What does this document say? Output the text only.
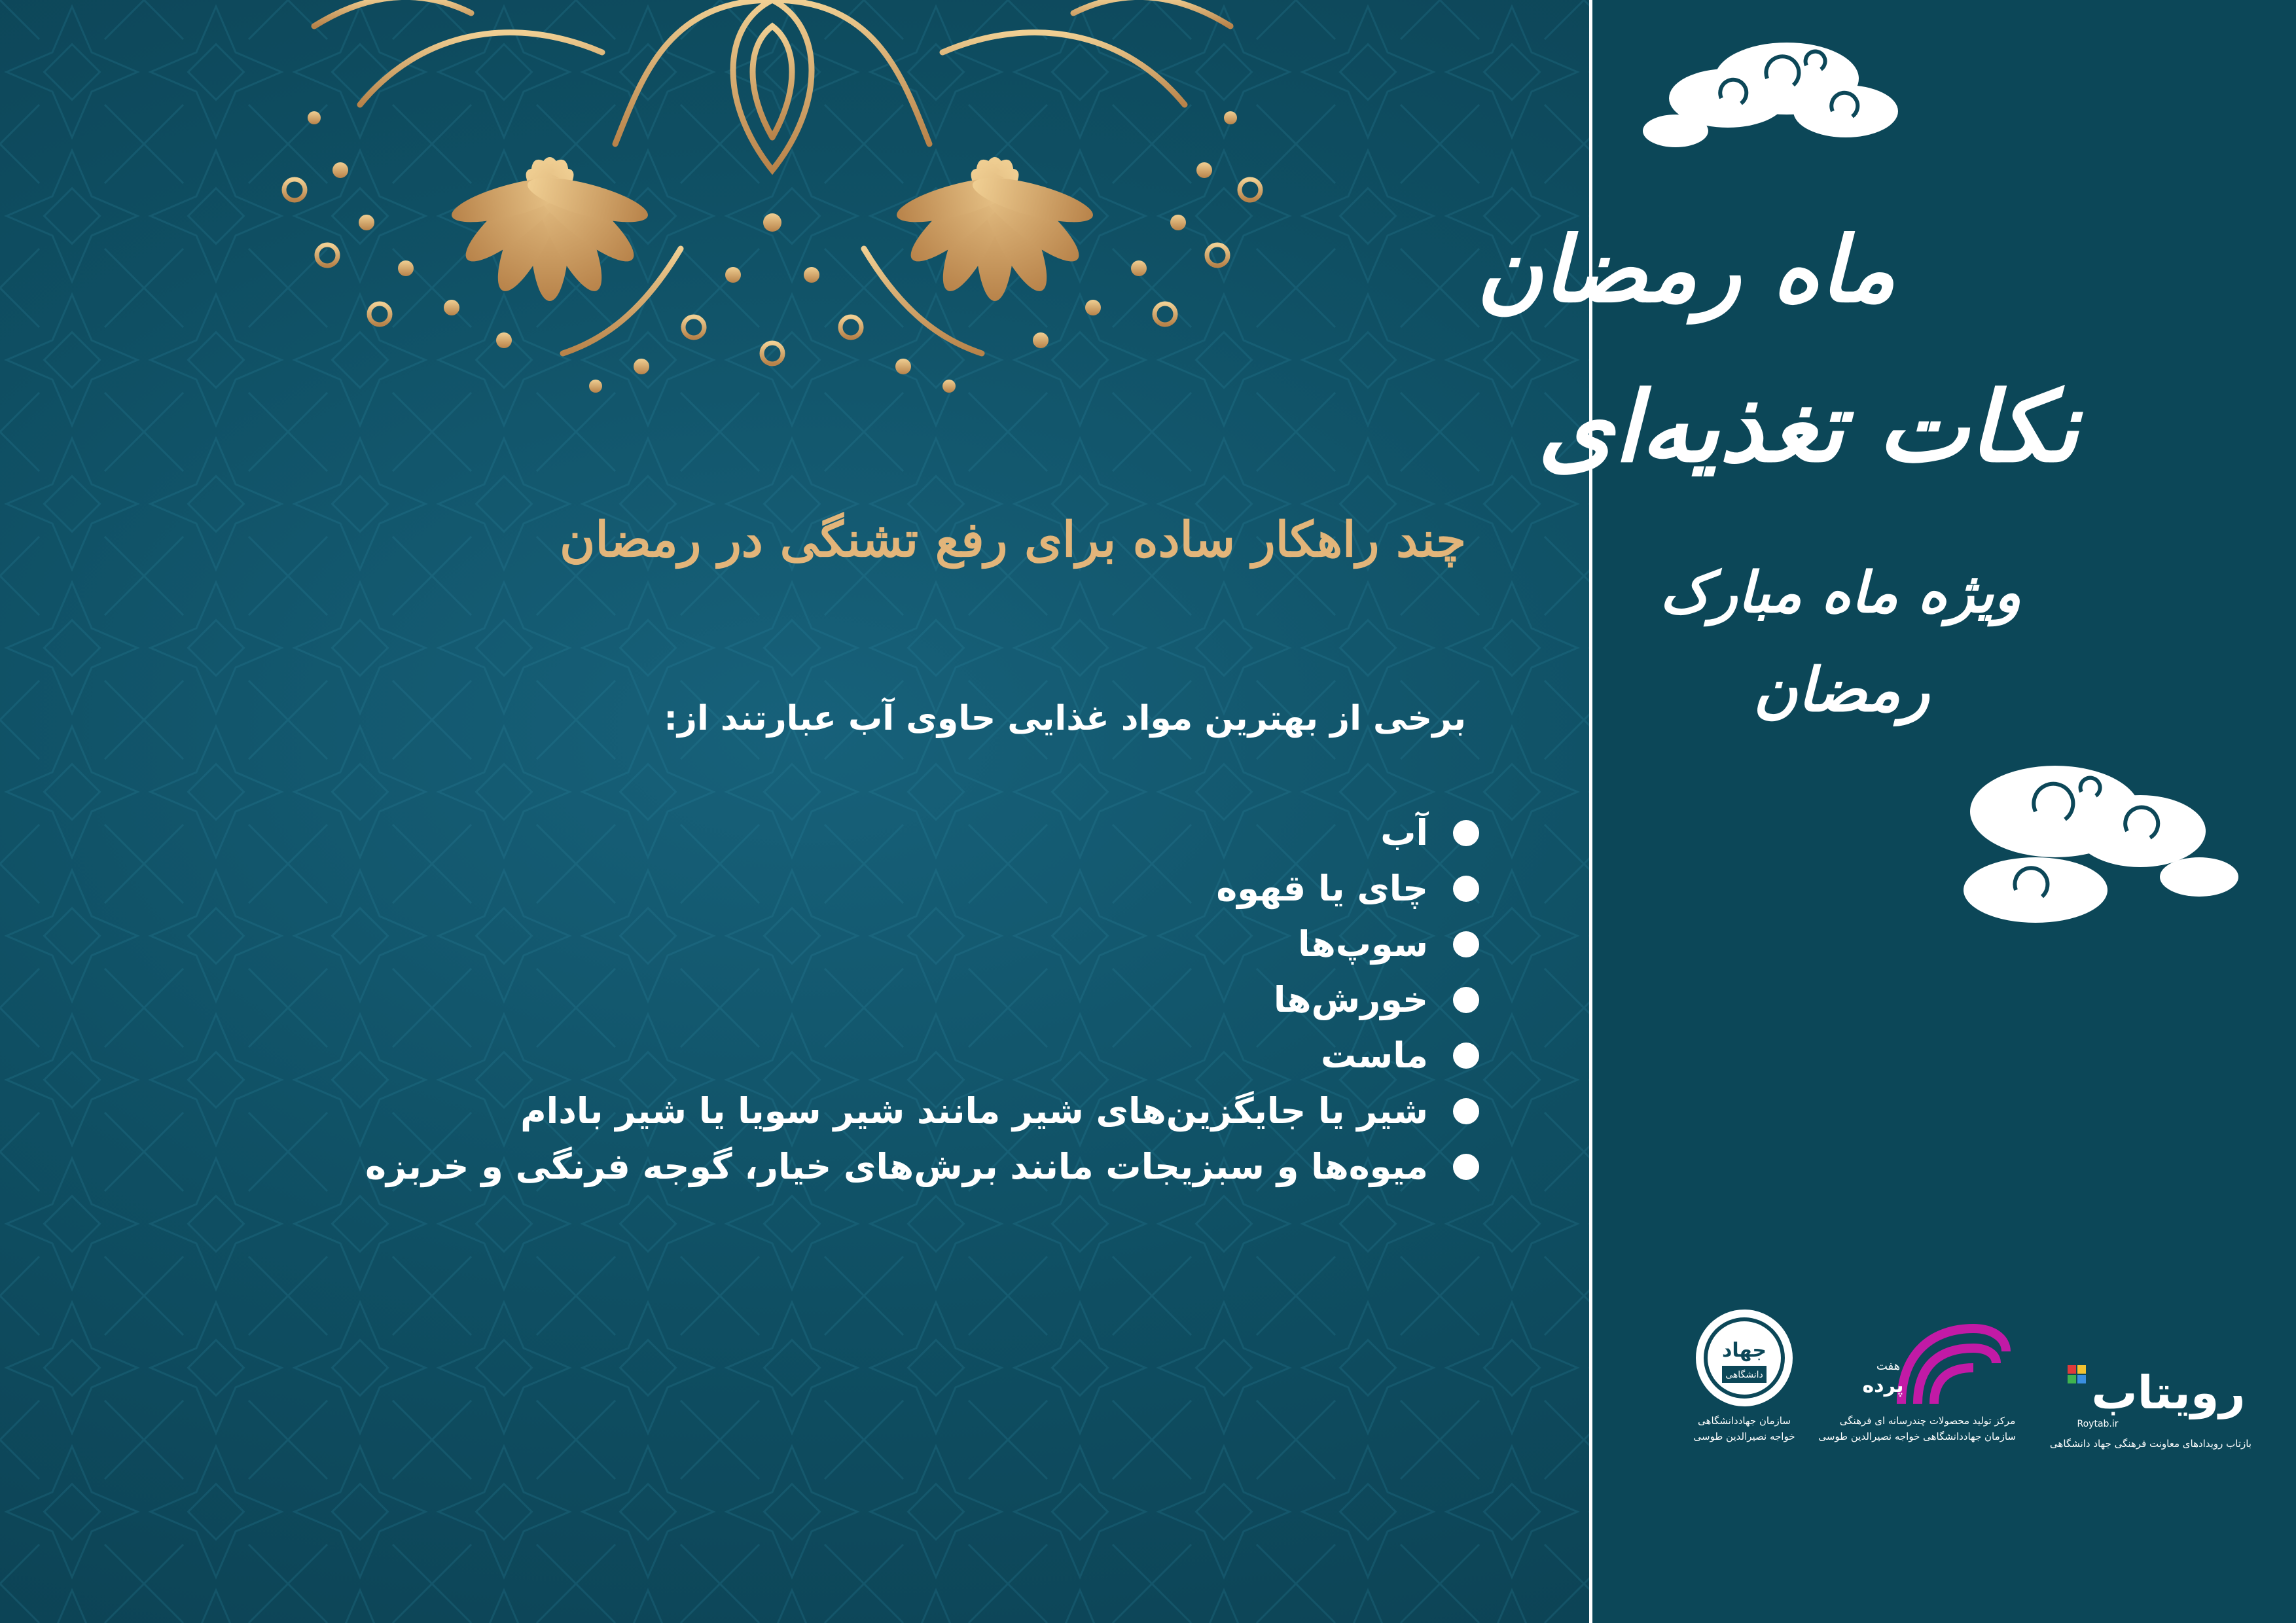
چند راهکار ساده برای رفع تشنگی در رمضان
برخی از بهترین مواد غذایی حاوی آب عبارتند از:
آب
چای یا قهوه
سوپ‌ها
خورش‌ها
ماست
شیر یا جایگزین‌های شیر مانند شیر سویا یا شیر بادام
میوه‌ها و سبزیجات مانند برش‌های خیار، گوجه فرنگی و خربزه
ماه رمضان
نکات تغذیه‌ای
ویژه ماه مبارک
رمضان
جهاد
دانشگاهی
سازمان جهاددانشگاهی
خواجه نصیرالدین طوسی
هفت
پرده
مرکز تولید محصولات چندرسانه ای فرهنگی
سازمان جهاددانشگاهی خواجه نصیرالدین طوسی
رویتاب
Roytab.ir
بازتاب رویدادهای معاونت فرهنگی جهاد دانشگاهی
